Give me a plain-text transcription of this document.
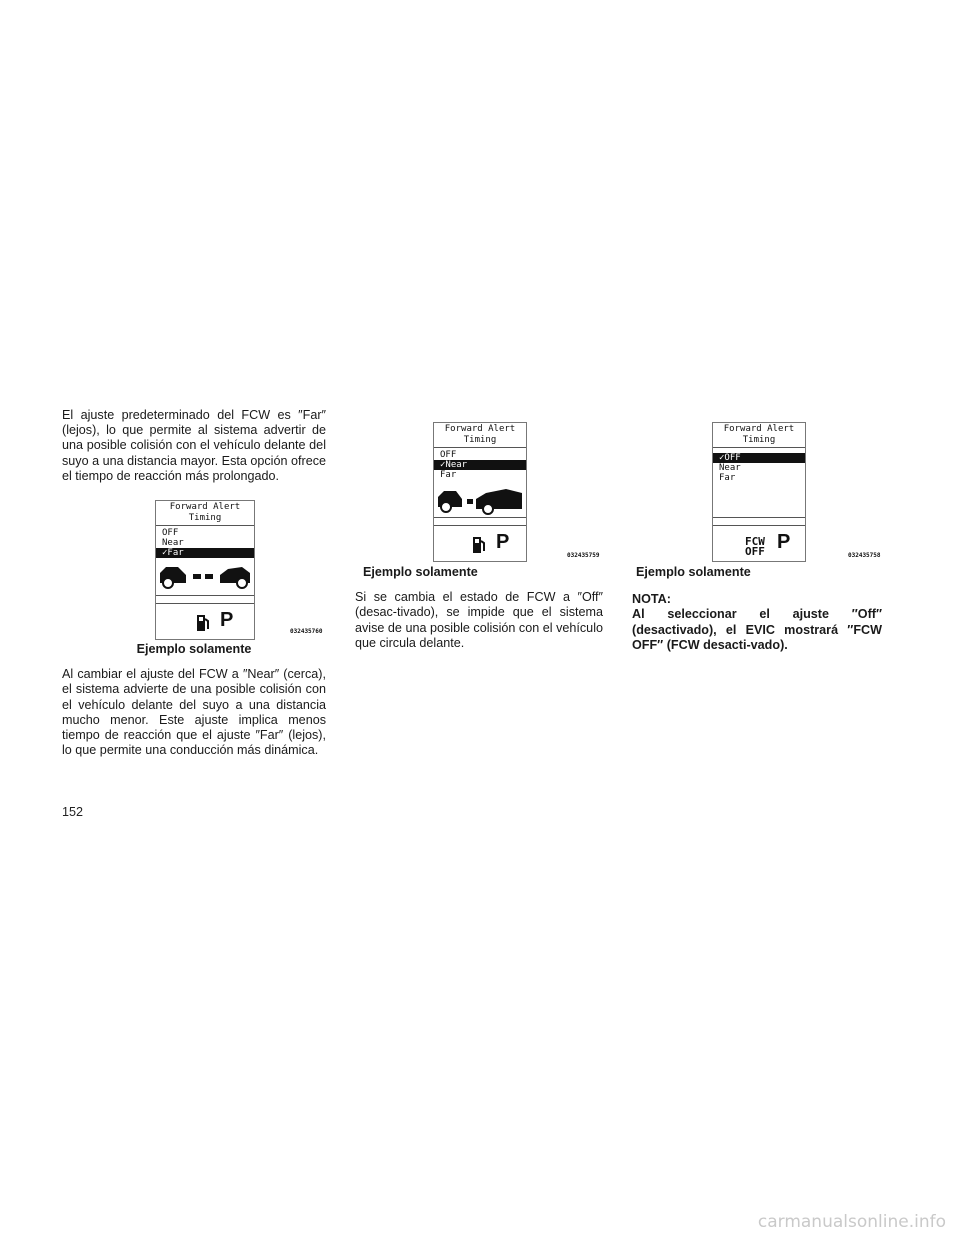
El ajuste predeterminado del FCW es ″Far″ (lejos), lo que permite al sistema advertir de una posible colisión con el vehículo delante del suyo a una distancia mayor. Esta opción ofrece el tiempo de reacción más prolongado.

Forward Alert
Timing
OFF
Near
✓Far
P
032435760

Ejemplo solamente

Al cambiar el ajuste del FCW a ″Near″ (cerca), el sistema advierte de una posible colisión con el vehículo delante del suyo a una distancia mucho menor. Este ajuste implica menos tiempo de reacción que el ajuste ″Far″ (lejos), lo que permite una conducción más dinámica.

Forward Alert
Timing
OFF
✓Near
Far
P
032435759

Ejemplo solamente

Si se cambia el estado de FCW a ″Off″ (desac-tivado), se impide que el sistema avise de una posible colisión con el vehículo que circula delante.

Forward Alert
Timing
✓OFF
Near
Far
FCW
OFF P
032435758

Ejemplo solamente

NOTA:

Al seleccionar el ajuste ″Off″ (desactivado), el EVIC mostrará ″FCW OFF″ (FCW desacti-vado).

152
carmanualsonline.info
